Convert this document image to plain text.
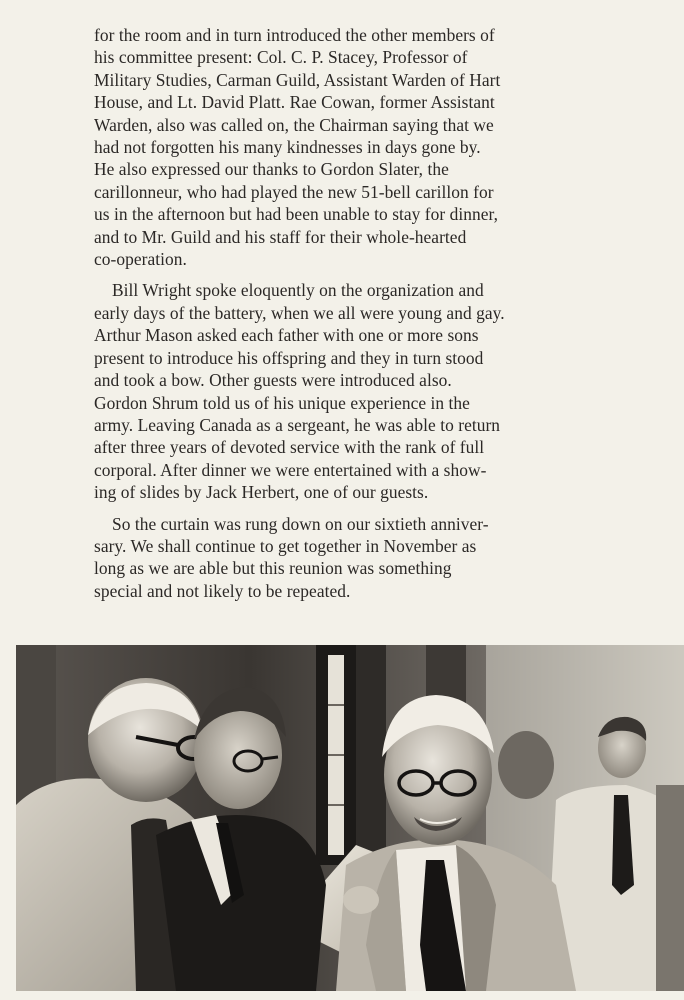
for the room and in turn introduced the other members of
his committee present: Col. C. P. Stacey, Professor of
Military Studies, Carman Guild, Assistant Warden of Hart
House, and Lt. David Platt. Rae Cowan, former Assistant
Warden, also was called on, the Chairman saying that we
had not forgotten his many kindnesses in days gone by.
He also expressed our thanks to Gordon Slater, the
carillonneur, who had played the new 51-bell carillon for
us in the afternoon but had been unable to stay for dinner,
and to Mr. Guild and his staff for their whole-hearted
co-operation.

Bill Wright spoke eloquently on the organization and
early days of the battery, when we all were young and gay.
Arthur Mason asked each father with one or more sons
present to introduce his offspring and they in turn stood
and took a bow. Other guests were introduced also.
Gordon Shrum told us of his unique experience in the
army. Leaving Canada as a sergeant, he was able to return
after three years of devoted service with the rank of full
corporal. After dinner we were entertained with a show-
ing of slides by Jack Herbert, one of our guests.

So the curtain was rung down on our sixtieth anniver-
sary. We shall continue to get together in November as
long as we are able but this reunion was something
special and not likely to be repeated.
